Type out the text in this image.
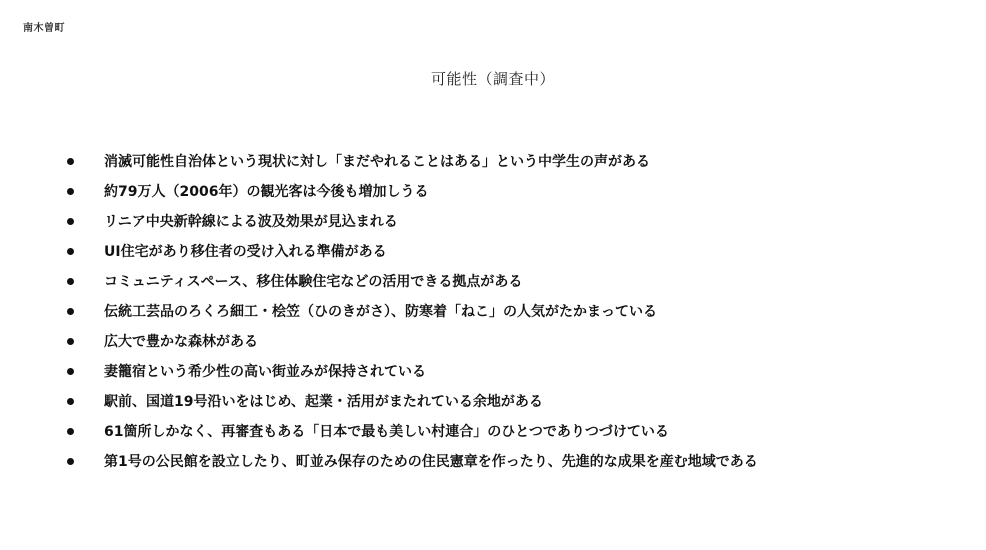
南木曽町
可能性（調査中）
消滅可能性自治体という現状に対し「まだやれることはある」という中学生の声がある
約79万人（2006年）の観光客は今後も増加しうる
リニア中央新幹線による波及効果が見込まれる
UI住宅があり移住者の受け入れる準備がある
コミュニティスペース、移住体験住宅などの活用できる拠点がある
伝統工芸品のろくろ細工・桧笠（ひのきがさ）、防寒着「ねこ」の人気がたかまっている
広大で豊かな森林がある
妻籠宿という希少性の高い街並みが保持されている
駅前、国道19号沿いをはじめ、起業・活用がまたれている余地がある
61箇所しかなく、再審査もある「日本で最も美しい村連合」のひとつでありつづけている
第1号の公民館を設立したり、町並み保存のための住民憲章を作ったり、先進的な成果を産む地域である
